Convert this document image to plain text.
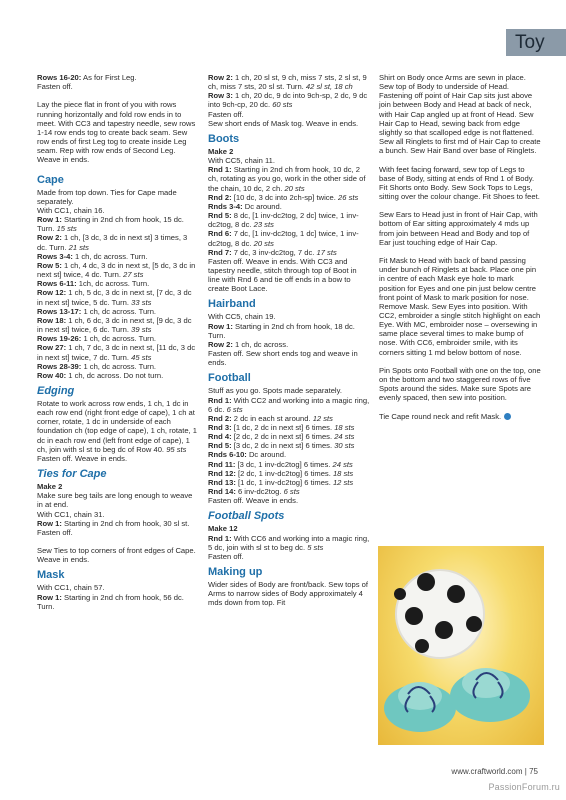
Toy
Rows 16-20: As for First Leg.
Fasten off.

Lay the piece flat in front of you with rows running horizontally and fold row ends in to meet. With CC3 and tapestry needle, sew rows 1-14 row ends tog to create back seam. Sew row ends of first Leg tog to create inside Leg seam. Rep with row ends of Second Leg. Weave in ends.

Cape
Made from top down. Ties for Cape made separately.
With CC1, chain 16.
Row 1: Starting in 2nd ch from hook, 15 dc. Turn. 15 sts
Row 2: 1 ch, [3 dc, 3 dc in next st] 3 times, 3 dc. Turn. 21 sts
Rows 3-4: 1 ch, dc across. Turn.
Row 5: 1 ch, 4 dc, 3 dc in next st, [5 dc, 3 dc in next st] twice, 4 dc. Turn. 27 sts
Rows 6-11: 1ch, dc across. Turn.
Row 12: 1 ch, 5 dc, 3 dc in next st, [7 dc, 3 dc in next st] twice, 5 dc. Turn. 33 sts
Rows 13-17: 1 ch, dc across. Turn.
Row 18: 1 ch, 6 dc, 3 dc in next st, [9 dc, 3 dc in next st] twice, 6 dc. Turn. 39 sts
Rows 19-26: 1 ch, dc across. Turn.
Row 27: 1 ch, 7 dc, 3 dc in next st, [11 dc, 3 dc in next st] twice, 7 dc. Turn. 45 sts
Rows 28-39: 1 ch, dc across. Turn.
Row 40: 1 ch, dc across. Do not turn.
Edging
Rotate to work across row ends, 1 ch, 1 dc in each row end (right front edge of cape), 1 ch at corner, rotate, 1 dc in underside of each foundation ch (top edge of cape), 1 ch, rotate, 1 dc in each row end (left front edge of cape), 1 ch, join with sl st to beg dc of Row 40. 95 sts
Fasten off. Weave in ends.
Ties for Cape
Make 2
Make sure beg tails are long enough to weave in at end.
With CC1, chain 31.
Row 1: Starting in 2nd ch from hook, 30 sl st. Fasten off.

Sew Ties to top corners of front edges of Cape. Weave in ends.
Mask
With CC1, chain 57.
Row 1: Starting in 2nd ch from hook, 56 dc. Turn.
Row 2: 1 ch, 20 sl st, 9 ch, miss 7 sts, 2 sl st, 9 ch, miss 7 sts, 20 sl st. Turn. 42 sl st, 18 ch
Row 3: 1 ch, 20 dc, 9 dc into 9ch-sp, 2 dc, 9 dc into 9ch-cp, 20 dc. 60 sts
Fasten off.
Sew short ends of Mask tog. Weave in ends.
Boots
Make 2
With CC5, chain 11.
Rnd 1: Starting in 2nd ch from hook, 10 dc, 2 ch, rotating as you go, work in the other side of the chain, 10 dc, 2 ch. 20 sts
Rnd 2: [10 dc, 3 dc into 2ch-sp] twice. 26 sts
Rnds 3-4: Dc around.
Rnd 5: 8 dc, [1 inv-dc2tog, 2 dc] twice, 1 inv-dc2tog, 8 dc. 23 sts
Rnd 6: 7 dc, [1 inv-dc2tog, 1 dc] twice, 1 inv-dc2tog, 8 dc. 20 sts
Rnd 7: 7 dc, 3 inv-dc2tog, 7 dc. 17 sts
Fasten off. Weave in ends. With CC3 and tapestry needle, stitch through top of Boot in line with Rnd 6 and tie off ends in a bow to create Boot Lace.
Hairband
With CC5, chain 19.
Row 1: Starting in 2nd ch from hook, 18 dc. Turn.
Row 2: 1 ch, dc across.
Fasten off. Sew short ends tog and weave in ends.
Football
Stuff as you go. Spots made separately.
Rnd 1: With CC2 and working into a magic ring, 6 dc. 6 sts
Rnd 2: 2 dc in each st around. 12 sts
Rnd 3: [1 dc, 2 dc in next st] 6 times. 18 sts
Rnd 4: [2 dc, 2 dc in next st] 6 times. 24 sts
Rnd 5: [3 dc, 2 dc in next st] 6 times. 30 sts
Rnds 6-10: Dc around.
Rnd 11: [3 dc, 1 inv-dc2tog] 6 times. 24 sts
Rnd 12: [2 dc, 1 inv-dc2tog] 6 times. 18 sts
Rnd 13: [1 dc, 1 inv-dc2tog] 6 times. 12 sts
Rnd 14: 6 inv-dc2tog. 6 sts
Fasten off. Weave in ends.
Football Spots
Make 12
Rnd 1: With CC6 and working into a magic ring, 5 dc, join with sl st to beg dc. 5 sts
Fasten off.
Making up
Wider sides of Body are front/back. Sew tops of Arms to narrow sides of Body approximately 4 mds down from top. Fit

Shirt on Body once Arms are sewn in place. Sew top of Body to underside of Head. Fastening off point of Hair Cap sits just above join between Body and Head at back of neck, with Hair Cap angled up at front of Head. Sew Hair Cap to Head, sewing back from edge slightly so that scalloped edge is not flattened. Sew all Ringlets to first md of Hair Cap to create a bunch. Sew Hair Band over base of Ringlets.

With feet facing forward, sew top of Legs to base of Body, sitting at ends of Rnd 1 of Body. Fit Shorts onto Body. Sew Sock Tops to Legs, sitting over the colour change. Fit Shoes to feet.

Sew Ears to Head just in front of Hair Cap, with bottom of Ear sitting approximately 4 mds up from join between Head and Body and top of Ear just touching edge of Hair Cap.

Fit Mask to Head with back of band passing under bunch of Ringlets at back. Place one pin in centre of each Mask eye hole to mark position for Eyes and one pin just below centre front point of Mask to mark position for nose. Remove Mask. Sew Eyes into position. With CC2, embroider a single stitch highlight on each Eye. With MC, embroider nose – oversewing in same place several times to make bump of nose. With CC6, embroider smile, with its corners sitting 1 md below bottom of nose.

Pin Spots onto Football with one on the top, one on the bottom and two staggered rows of five Spots around the sides. Make sure Spots are evenly spaced, then sew into position.

Tie Cape round neck and refit Mask.

www.craftworld.com | 75
PassionForum.ru
